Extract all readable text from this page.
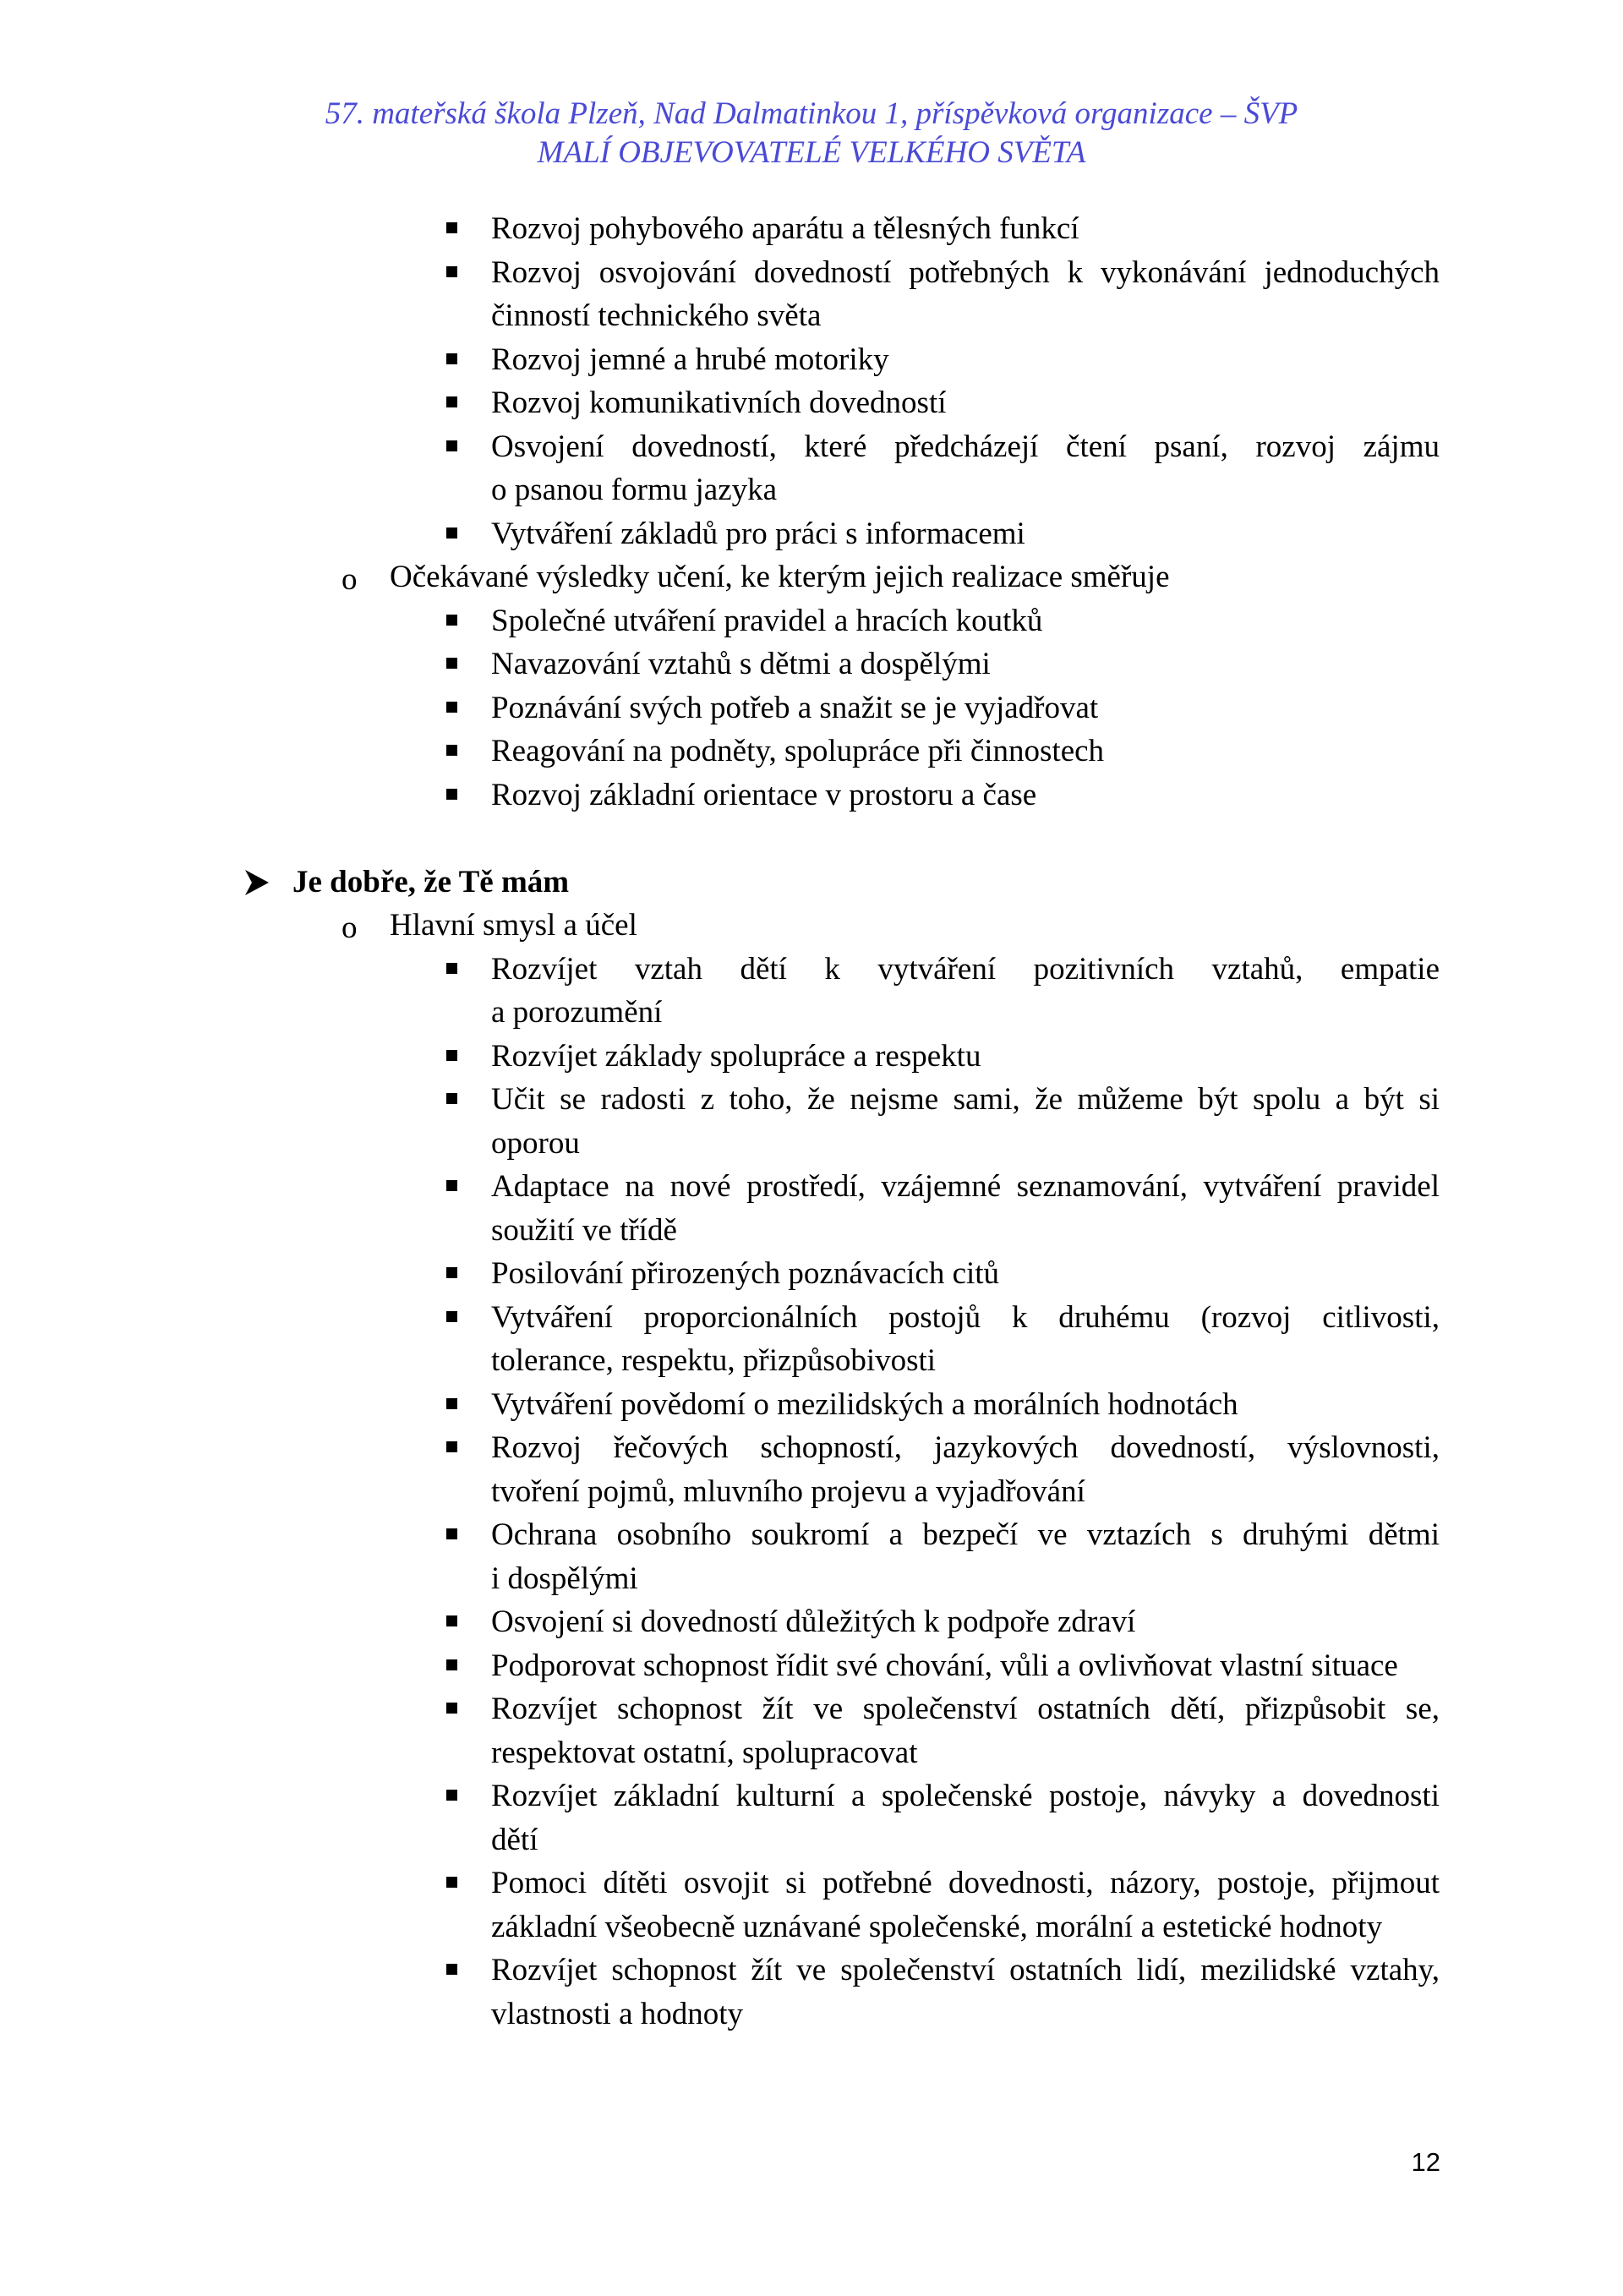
57. mateřská škola Plzeň, Nad Dalmatinkou 1, příspěvková organizace – ŠVP
MALÍ OBJEVOVATELÉ VELKÉHO SVĚTA
Rozvoj pohybového aparátu a tělesných funkcí
Rozvoj osvojování dovedností potřebných k vykonávání jednoduchých
činností technického světa
Rozvoj jemné a hrubé motoriky
Rozvoj komunikativních dovedností
Osvojení dovedností, které předcházejí čtení psaní, rozvoj zájmu
o psanou formu jazyka
Vytváření základů pro práci s informacemi
o Očekávané výsledky učení, ke kterým jejich realizace směřuje
Společné utváření pravidel a hracích koutků
Navazování vztahů s dětmi a dospělými
Poznávání svých potřeb a snažit se je vyjadřovat
Reagování na podněty, spolupráce při činnostech
Rozvoj základní orientace v prostoru a čase
Je dobře, že Tě mám
o Hlavní smysl a účel
Rozvíjet vztah dětí k vytváření pozitivních vztahů, empatie
a porozumění
Rozvíjet základy spolupráce a respektu
Učit se radosti z toho, že nejsme sami, že můžeme být spolu a být si
oporou
Adaptace na nové prostředí, vzájemné seznamování, vytváření pravidel
soužití ve třídě
Posilování přirozených poznávacích citů
Vytváření proporcionálních postojů k druhému (rozvoj citlivosti,
tolerance, respektu, přizpůsobivosti
Vytváření povědomí o mezilidských a morálních hodnotách
Rozvoj řečových schopností, jazykových dovedností, výslovnosti,
tvoření pojmů, mluvního projevu a vyjadřování
Ochrana osobního soukromí a bezpečí ve vztazích s druhými dětmi
i dospělými
Osvojení si dovedností důležitých k podpoře zdraví
Podporovat schopnost řídit své chování, vůli a ovlivňovat vlastní situace
Rozvíjet schopnost žít ve společenství ostatních dětí, přizpůsobit se,
respektovat ostatní, spolupracovat
Rozvíjet základní kulturní a společenské postoje, návyky a dovednosti
dětí
Pomoci dítěti osvojit si potřebné dovednosti, názory, postoje, přijmout
základní všeobecně uznávané společenské, morální a estetické hodnoty
Rozvíjet schopnost žít ve společenství ostatních lidí, mezilidské vztahy,
vlastnosti a hodnoty
12
